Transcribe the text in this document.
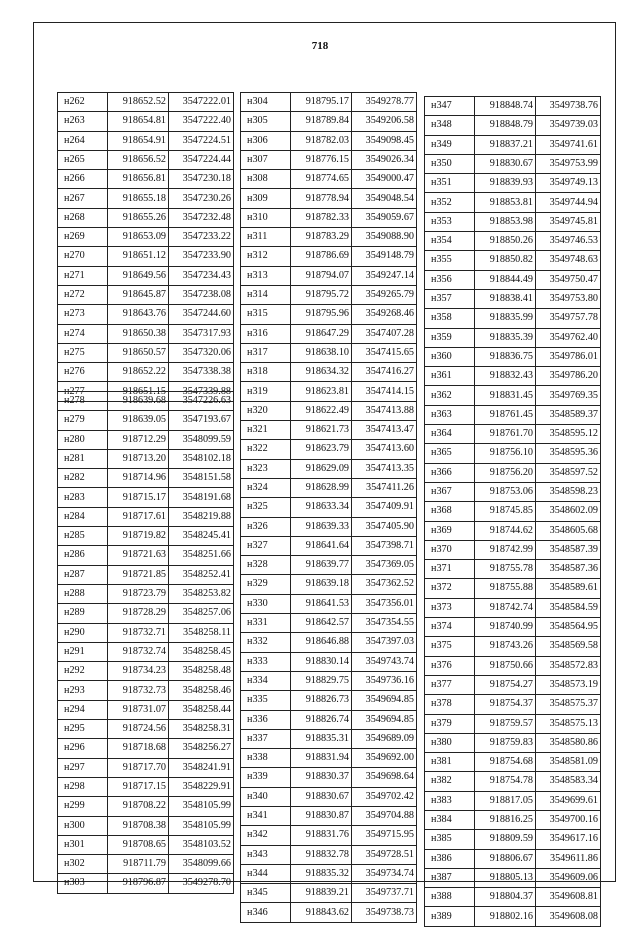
718
н262	918652.52	3547222.01
н263	918654.81	3547222.40
н264	918654.91	3547224.51
н265	918656.52	3547224.44
н266	918656.81	3547230.18
н267	918655.18	3547230.26
н268	918655.26	3547232.48
н269	918653.09	3547233.22
н270	918651.12	3547233.90
н271	918649.56	3547234.43
н272	918645.87	3547238.08
н273	918643.76	3547244.60
н274	918650.38	3547317.93
н275	918650.57	3547320.06
н276	918652.22	3547338.38
н277	918651.15	3547339.88
н278	918639.68	3547226.63
н279	918639.05	3547193.67
н280	918712.29	3548099.59
н281	918713.20	3548102.18
н282	918714.96	3548151.58
н283	918715.17	3548191.68
н284	918717.61	3548219.88
н285	918719.82	3548245.41
н286	918721.63	3548251.66
н287	918721.85	3548252.41
н288	918723.79	3548253.82
н289	918728.29	3548257.06
н290	918732.71	3548258.11
н291	918732.74	3548258.45
н292	918734.23	3548258.48
н293	918732.73	3548258.46
н294	918731.07	3548258.44
н295	918724.56	3548258.31
н296	918718.68	3548256.27
н297	918717.70	3548241.91
н298	918717.15	3548229.91
н299	918708.22	3548105.99
н300	918708.38	3548105.99
н301	918708.65	3548103.52
н302	918711.79	3548099.66
н303	918796.87	3549278.70
н304	918795.17	3549278.77
н305	918789.84	3549206.58
н306	918782.03	3549098.45
н307	918776.15	3549026.34
н308	918774.65	3549000.47
н309	918778.94	3549048.54
н310	918782.33	3549059.67
н311	918783.29	3549088.90
н312	918786.69	3549148.79
н313	918794.07	3549247.14
н314	918795.72	3549265.79
н315	918795.96	3549268.46
н316	918647.29	3547407.28
н317	918638.10	3547415.65
н318	918634.32	3547416.27
н319	918623.81	3547414.15
н320	918622.49	3547413.88
н321	918621.73	3547413.47
н322	918623.79	3547413.60
н323	918629.09	3547413.35
н324	918628.99	3547411.26
н325	918633.34	3547409.91
н326	918639.33	3547405.90
н327	918641.64	3547398.71
н328	918639.77	3547369.05
н329	918639.18	3547362.52
н330	918641.53	3547356.01
н331	918642.57	3547354.55
н332	918646.88	3547397.03
н333	918830.14	3549743.74
н334	918829.75	3549736.16
н335	918826.73	3549694.85
н336	918826.74	3549694.85
н337	918835.31	3549689.09
н338	918831.94	3549692.00
н339	918830.37	3549698.64
н340	918830.67	3549702.42
н341	918830.87	3549704.88
н342	918831.76	3549715.95
н343	918832.78	3549728.51
н344	918835.32	3549734.74
н345	918839.21	3549737.71
н346	918843.62	3549738.73
н347	918848.74	3549738.76
н348	918848.79	3549739.03
н349	918837.21	3549741.61
н350	918830.67	3549753.99
н351	918839.93	3549749.13
н352	918853.81	3549744.94
н353	918853.98	3549745.81
н354	918850.26	3549746.53
н355	918850.82	3549748.63
н356	918844.49	3549750.47
н357	918838.41	3549753.80
н358	918835.99	3549757.78
н359	918835.39	3549762.40
н360	918836.75	3549786.01
н361	918832.43	3549786.20
н362	918831.45	3549769.35
н363	918761.45	3548589.37
н364	918761.70	3548595.12
н365	918756.10	3548595.36
н366	918756.20	3548597.52
н367	918753.06	3548598.23
н368	918745.85	3548602.09
н369	918744.62	3548605.68
н370	918742.99	3548587.39
н371	918755.78	3548587.36
н372	918755.88	3548589.61
н373	918742.74	3548584.59
н374	918740.99	3548564.95
н375	918743.26	3548569.58
н376	918750.66	3548572.83
н377	918754.27	3548573.19
н378	918754.37	3548575.37
н379	918759.57	3548575.13
н380	918759.83	3548580.86
н381	918754.68	3548581.09
н382	918754.78	3548583.34
н383	918817.05	3549699.61
н384	918816.25	3549700.16
н385	918809.59	3549617.16
н386	918806.67	3549611.86
н387	918805.13	3549609.06
н388	918804.37	3549608.81
н389	918802.16	3549608.08
